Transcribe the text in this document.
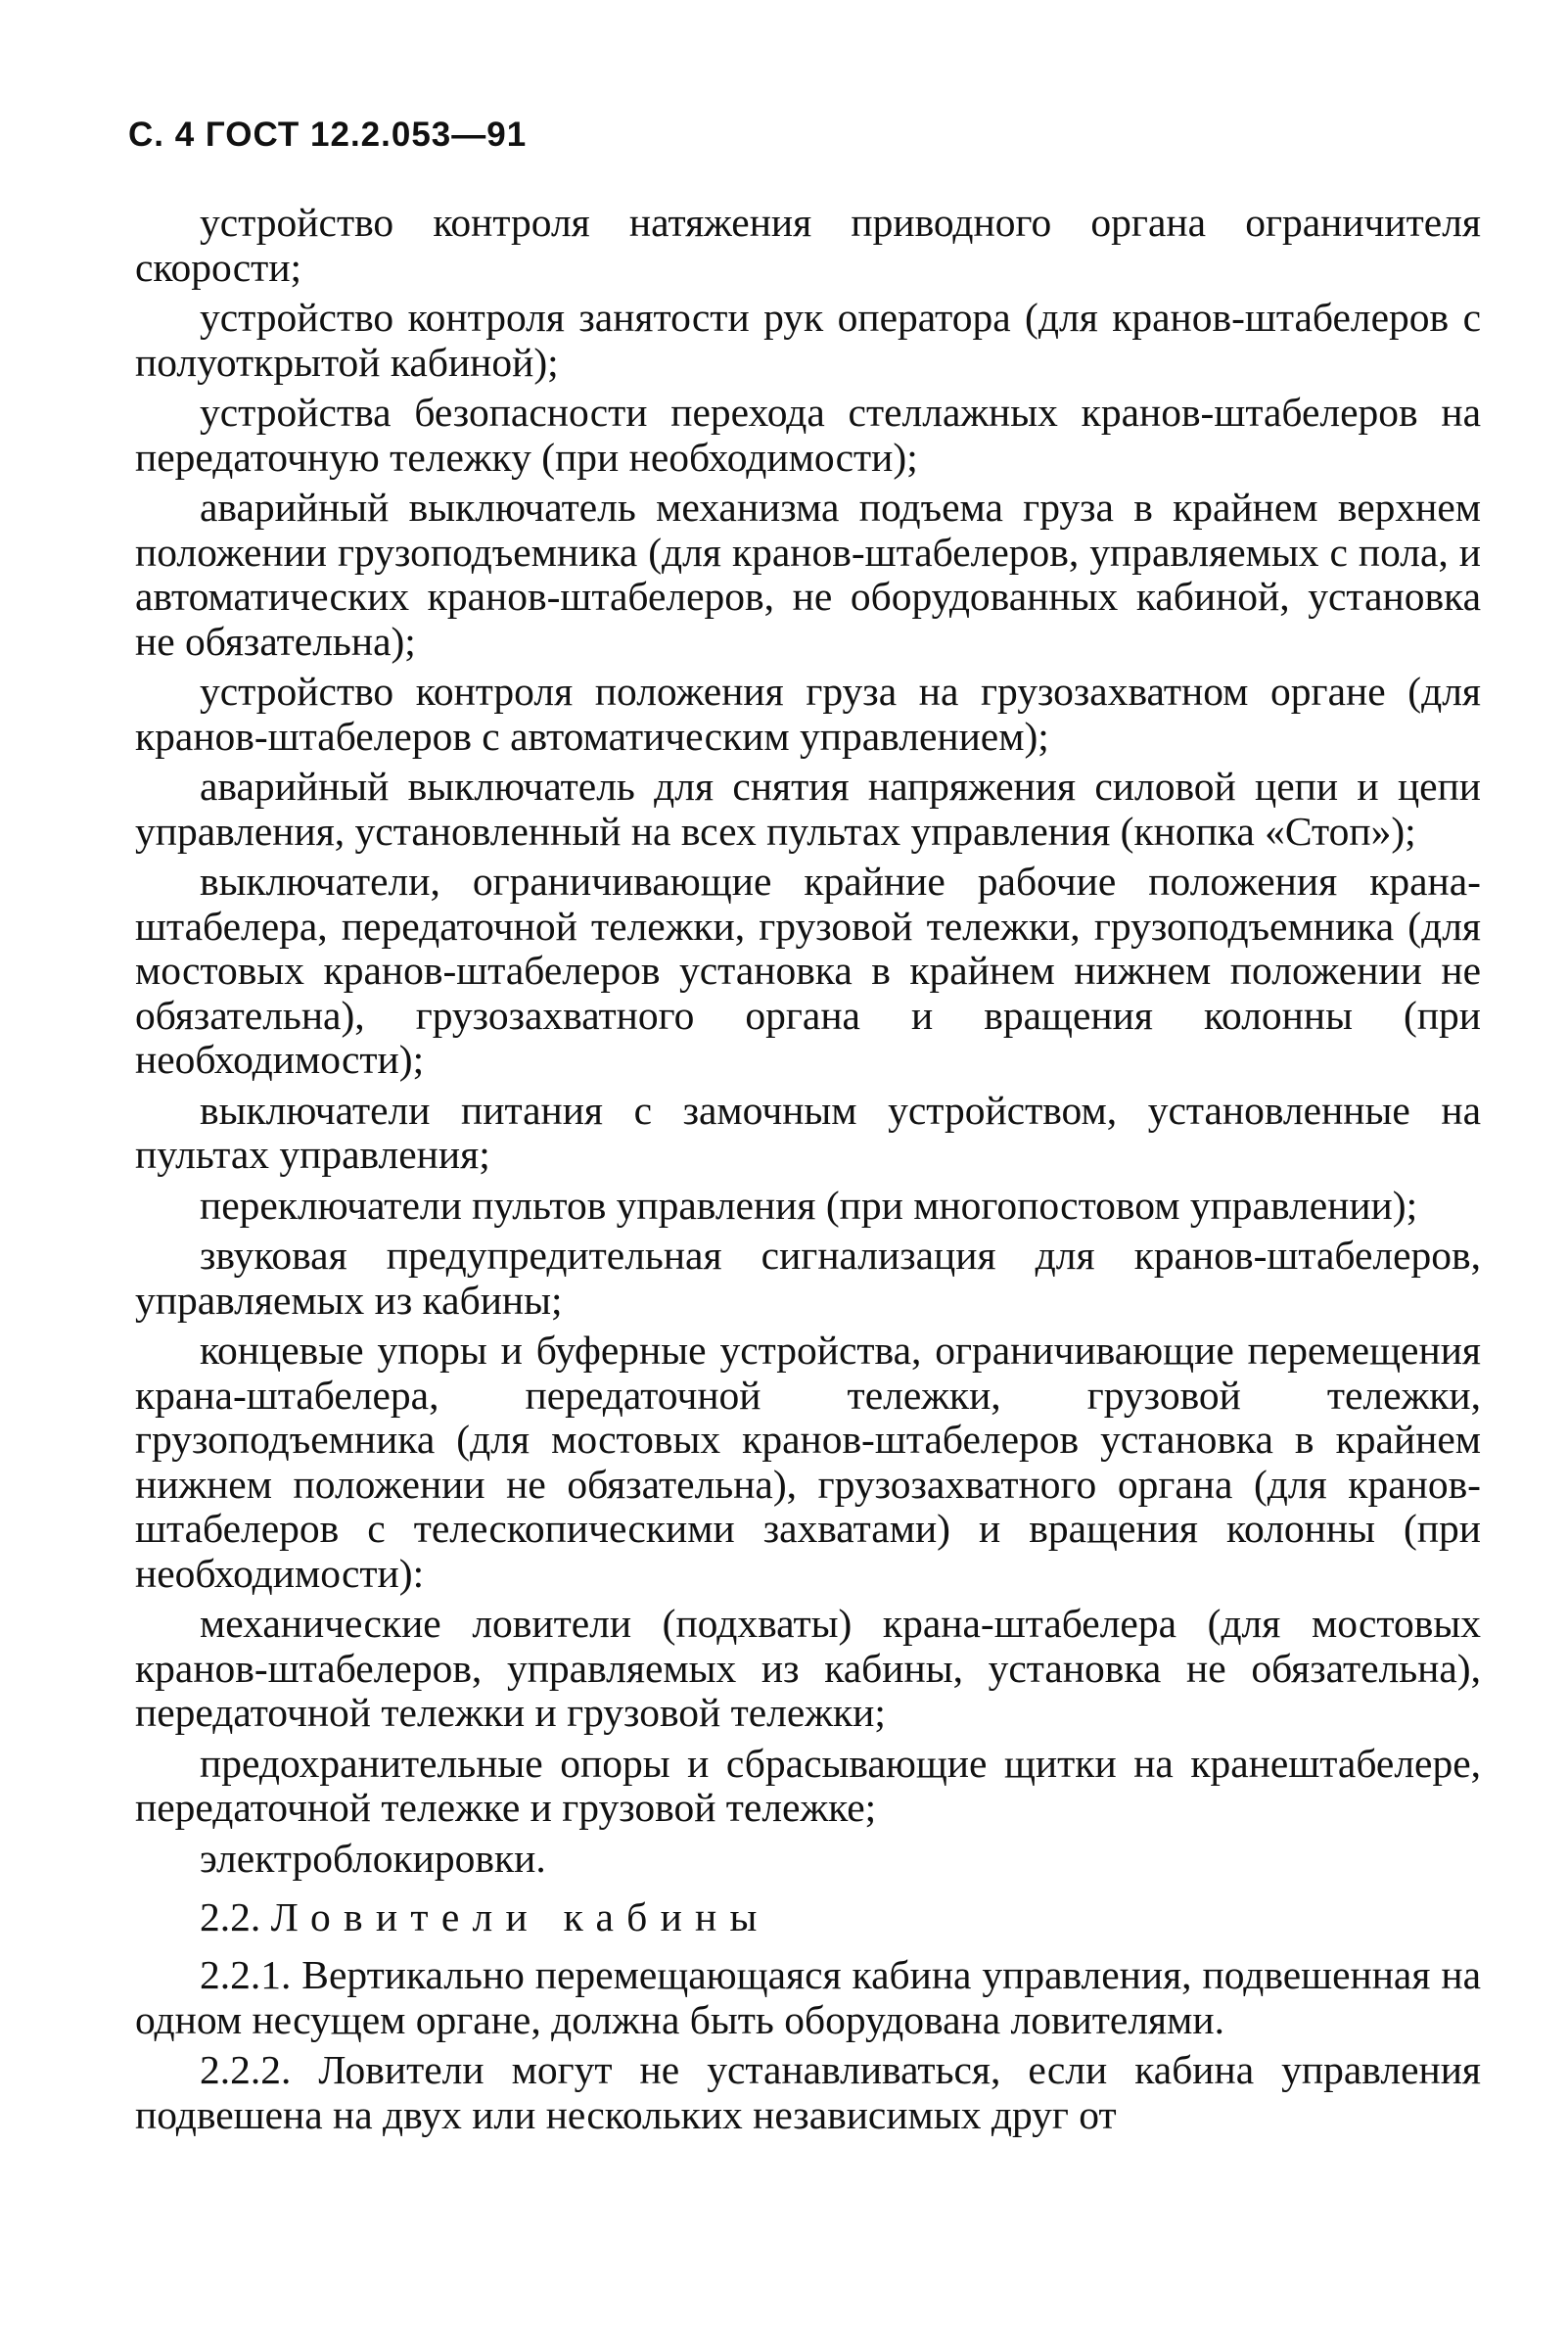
С. 4 ГОСТ 12.2.053—91

устройство контроля натяжения приводного органа ограничителя скорости;

устройство контроля занятости рук оператора (для кранов-штабелеров с полуоткрытой кабиной);

устройства безопасности перехода стеллажных кранов-штабелеров на передаточную тележку (при необходимости);

аварийный выключатель механизма подъема груза в крайнем верхнем положении грузоподъемника (для кранов-штабелеров, управляемых с пола, и автоматических кранов-штабелеров, не оборудованных кабиной, установка не обязательна);

устройство контроля положения груза на грузозахватном органе (для кранов-штабелеров с автоматическим управлением);

аварийный выключатель для снятия напряжения силовой цепи и цепи управления, установленный на всех пультах управления (кнопка «Стоп»);

выключатели, ограничивающие крайние рабочие положения крана-штабелера, передаточной тележки, грузовой тележки, грузоподъемника (для мостовых кранов-штабелеров установка в крайнем нижнем положении не обязательна), грузозахватного органа и вращения колонны (при необходимости);

выключатели питания с замочным устройством, установленные на пультах управления;

переключатели пультов управления (при многопостовом управлении);

звуковая предупредительная сигнализация для кранов-штабелеров, управляемых из кабины;

концевые упоры и буферные устройства, ограничивающие перемещения крана-штабелера, передаточной тележки, грузовой тележки, грузоподъемника (для мостовых кранов-штабелеров установка в крайнем нижнем положении не обязательна), грузозахватного органа (для кранов-штабелеров с телескопическими захватами) и вращения колонны (при необходимости):

механические ловители (подхваты) крана-штабелера (для мостовых кранов-штабелеров, управляемых из кабины, установка не обязательна), передаточной тележки и грузовой тележки;

предохранительные опоры и сбрасывающие щитки на кранештабелере, передаточной тележке и грузовой тележке;

электроблокировки.

2.2. Ловители кабины

2.2.1. Вертикально перемещающаяся кабина управления, подвешенная на одном несущем органе, должна быть оборудована ловителями.

2.2.2. Ловители могут не устанавливаться, если кабина управления подвешена на двух или нескольких независимых друг от
